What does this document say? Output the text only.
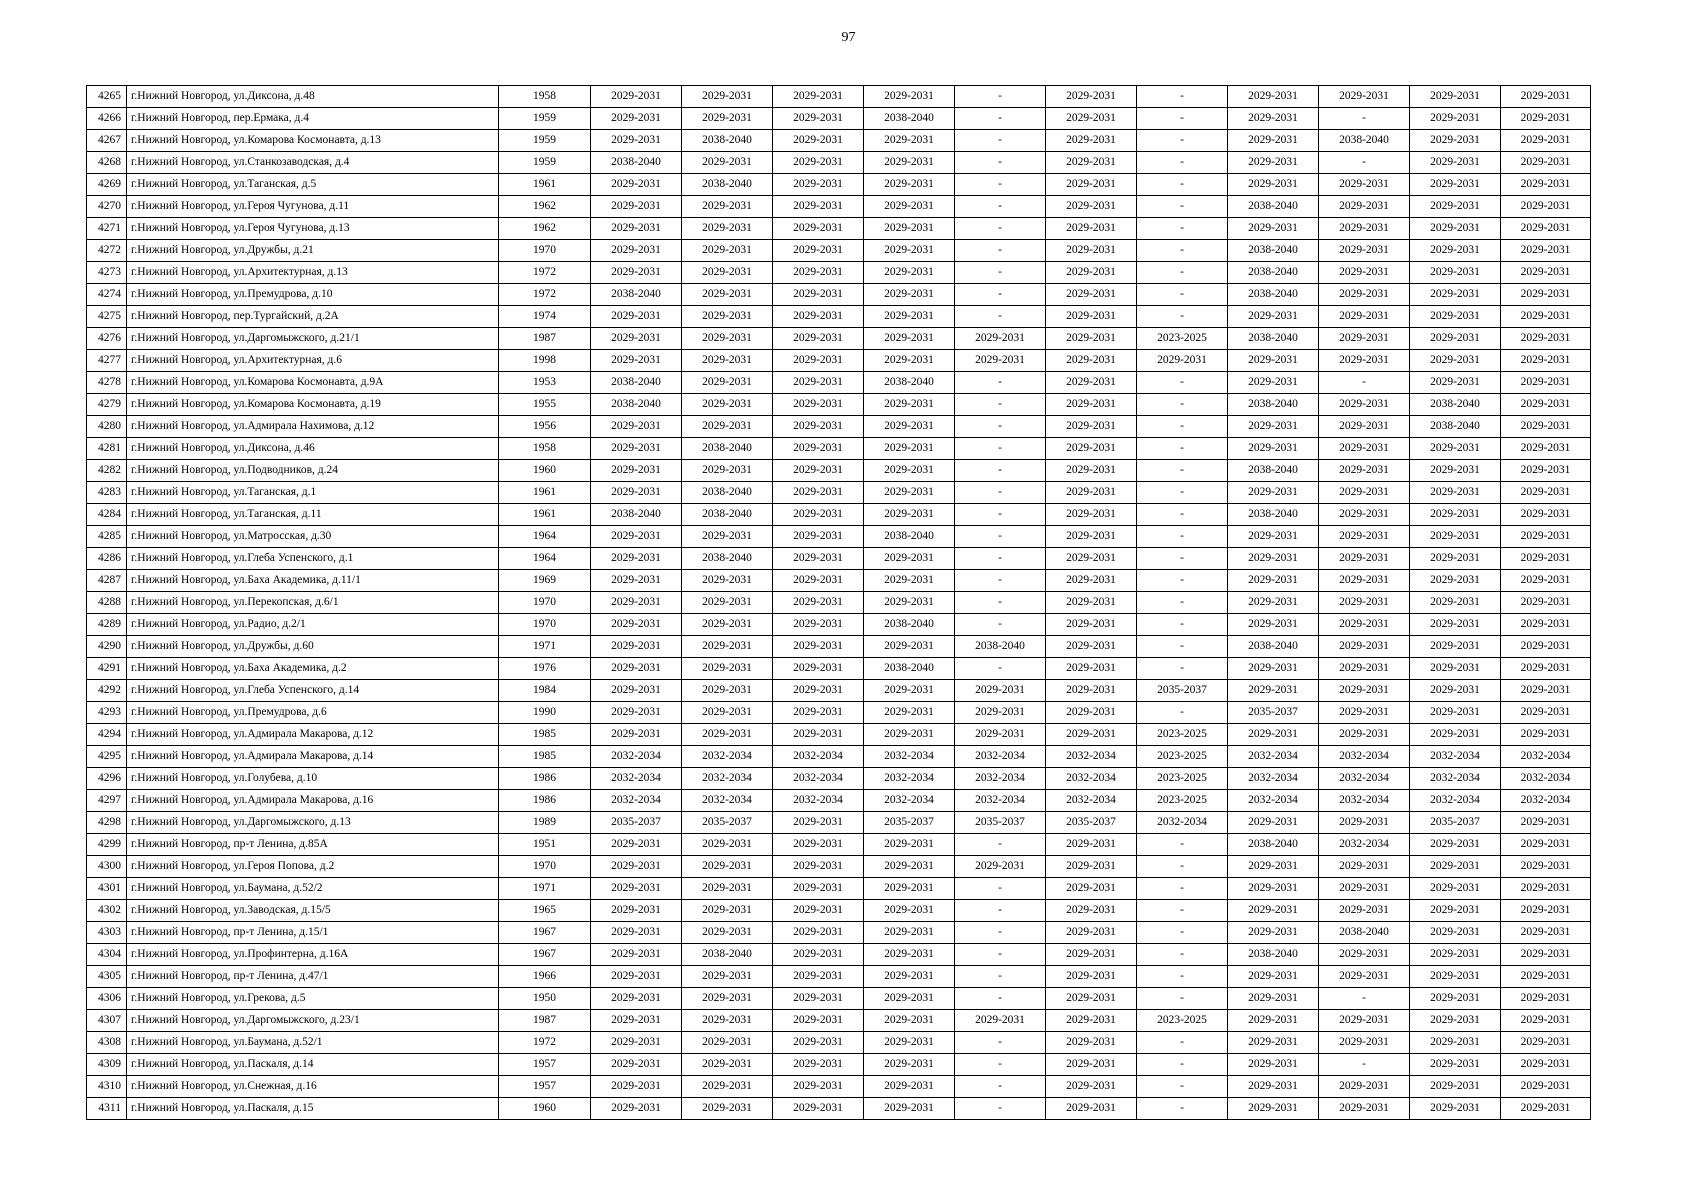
97
4265	г.Нижний Новгород, ул.Диксона, д.48	1958	2029-2031	2029-2031	2029-2031	2029-2031	-	2029-2031	-	2029-2031	2029-2031	2029-2031	2029-2031
4266	г.Нижний Новгород, пер.Ермака, д.4	1959	2029-2031	2029-2031	2029-2031	2038-2040	-	2029-2031	-	2029-2031	-	2029-2031	2029-2031
4267	г.Нижний Новгород, ул.Комарова Космонавта, д.13	1959	2029-2031	2038-2040	2029-2031	2029-2031	-	2029-2031	-	2029-2031	2038-2040	2029-2031	2029-2031
4268	г.Нижний Новгород, ул.Станкозаводская, д.4	1959	2038-2040	2029-2031	2029-2031	2029-2031	-	2029-2031	-	2029-2031	-	2029-2031	2029-2031
4269	г.Нижний Новгород, ул.Таганская, д.5	1961	2029-2031	2038-2040	2029-2031	2029-2031	-	2029-2031	-	2029-2031	2029-2031	2029-2031	2029-2031
4270	г.Нижний Новгород, ул.Героя Чугунова, д.11	1962	2029-2031	2029-2031	2029-2031	2029-2031	-	2029-2031	-	2038-2040	2029-2031	2029-2031	2029-2031
4271	г.Нижний Новгород, ул.Героя Чугунова, д.13	1962	2029-2031	2029-2031	2029-2031	2029-2031	-	2029-2031	-	2029-2031	2029-2031	2029-2031	2029-2031
4272	г.Нижний Новгород, ул.Дружбы, д.21	1970	2029-2031	2029-2031	2029-2031	2029-2031	-	2029-2031	-	2038-2040	2029-2031	2029-2031	2029-2031
4273	г.Нижний Новгород, ул.Архитектурная, д.13	1972	2029-2031	2029-2031	2029-2031	2029-2031	-	2029-2031	-	2038-2040	2029-2031	2029-2031	2029-2031
4274	г.Нижний Новгород, ул.Премудрова, д.10	1972	2038-2040	2029-2031	2029-2031	2029-2031	-	2029-2031	-	2038-2040	2029-2031	2029-2031	2029-2031
4275	г.Нижний Новгород, пер.Тургайский, д.2А	1974	2029-2031	2029-2031	2029-2031	2029-2031	-	2029-2031	-	2029-2031	2029-2031	2029-2031	2029-2031
4276	г.Нижний Новгород, ул.Даргомыжского, д.21/1	1987	2029-2031	2029-2031	2029-2031	2029-2031	2029-2031	2029-2031	2023-2025	2038-2040	2029-2031	2029-2031	2029-2031
4277	г.Нижний Новгород, ул.Архитектурная, д.6	1998	2029-2031	2029-2031	2029-2031	2029-2031	2029-2031	2029-2031	2029-2031	2029-2031	2029-2031	2029-2031	2029-2031
4278	г.Нижний Новгород, ул.Комарова Космонавта, д.9А	1953	2038-2040	2029-2031	2029-2031	2038-2040	-	2029-2031	-	2029-2031	-	2029-2031	2029-2031
4279	г.Нижний Новгород, ул.Комарова Космонавта, д.19	1955	2038-2040	2029-2031	2029-2031	2029-2031	-	2029-2031	-	2038-2040	2029-2031	2038-2040	2029-2031
4280	г.Нижний Новгород, ул.Адмирала Нахимова, д.12	1956	2029-2031	2029-2031	2029-2031	2029-2031	-	2029-2031	-	2029-2031	2029-2031	2038-2040	2029-2031
4281	г.Нижний Новгород, ул.Диксона, д.46	1958	2029-2031	2038-2040	2029-2031	2029-2031	-	2029-2031	-	2029-2031	2029-2031	2029-2031	2029-2031
4282	г.Нижний Новгород, ул.Подводников, д.24	1960	2029-2031	2029-2031	2029-2031	2029-2031	-	2029-2031	-	2038-2040	2029-2031	2029-2031	2029-2031
4283	г.Нижний Новгород, ул.Таганская, д.1	1961	2029-2031	2038-2040	2029-2031	2029-2031	-	2029-2031	-	2029-2031	2029-2031	2029-2031	2029-2031
4284	г.Нижний Новгород, ул.Таганская, д.11	1961	2038-2040	2038-2040	2029-2031	2029-2031	-	2029-2031	-	2038-2040	2029-2031	2029-2031	2029-2031
4285	г.Нижний Новгород, ул.Матросская, д.30	1964	2029-2031	2029-2031	2029-2031	2038-2040	-	2029-2031	-	2029-2031	2029-2031	2029-2031	2029-2031
4286	г.Нижний Новгород, ул.Глеба Успенского, д.1	1964	2029-2031	2038-2040	2029-2031	2029-2031	-	2029-2031	-	2029-2031	2029-2031	2029-2031	2029-2031
4287	г.Нижний Новгород, ул.Баха Академика, д.11/1	1969	2029-2031	2029-2031	2029-2031	2029-2031	-	2029-2031	-	2029-2031	2029-2031	2029-2031	2029-2031
4288	г.Нижний Новгород, ул.Перекопская, д.6/1	1970	2029-2031	2029-2031	2029-2031	2029-2031	-	2029-2031	-	2029-2031	2029-2031	2029-2031	2029-2031
4289	г.Нижний Новгород, ул.Радио, д.2/1	1970	2029-2031	2029-2031	2029-2031	2038-2040	-	2029-2031	-	2029-2031	2029-2031	2029-2031	2029-2031
4290	г.Нижний Новгород, ул.Дружбы, д.60	1971	2029-2031	2029-2031	2029-2031	2029-2031	2038-2040	2029-2031	-	2038-2040	2029-2031	2029-2031	2029-2031
4291	г.Нижний Новгород, ул.Баха Академика, д.2	1976	2029-2031	2029-2031	2029-2031	2038-2040	-	2029-2031	-	2029-2031	2029-2031	2029-2031	2029-2031
4292	г.Нижний Новгород, ул.Глеба Успенского, д.14	1984	2029-2031	2029-2031	2029-2031	2029-2031	2029-2031	2029-2031	2035-2037	2029-2031	2029-2031	2029-2031	2029-2031
4293	г.Нижний Новгород, ул.Премудрова, д.6	1990	2029-2031	2029-2031	2029-2031	2029-2031	2029-2031	2029-2031	-	2035-2037	2029-2031	2029-2031	2029-2031
4294	г.Нижний Новгород, ул.Адмирала Макарова, д.12	1985	2029-2031	2029-2031	2029-2031	2029-2031	2029-2031	2029-2031	2023-2025	2029-2031	2029-2031	2029-2031	2029-2031
4295	г.Нижний Новгород, ул.Адмирала Макарова, д.14	1985	2032-2034	2032-2034	2032-2034	2032-2034	2032-2034	2032-2034	2023-2025	2032-2034	2032-2034	2032-2034	2032-2034
4296	г.Нижний Новгород, ул.Голубева, д.10	1986	2032-2034	2032-2034	2032-2034	2032-2034	2032-2034	2032-2034	2023-2025	2032-2034	2032-2034	2032-2034	2032-2034
4297	г.Нижний Новгород, ул.Адмирала Макарова, д.16	1986	2032-2034	2032-2034	2032-2034	2032-2034	2032-2034	2032-2034	2023-2025	2032-2034	2032-2034	2032-2034	2032-2034
4298	г.Нижний Новгород, ул.Даргомыжского, д.13	1989	2035-2037	2035-2037	2029-2031	2035-2037	2035-2037	2035-2037	2032-2034	2029-2031	2029-2031	2035-2037	2029-2031
4299	г.Нижний Новгород, пр-т Ленина, д.85А	1951	2029-2031	2029-2031	2029-2031	2029-2031	-	2029-2031	-	2038-2040	2032-2034	2029-2031	2029-2031
4300	г.Нижний Новгород, ул.Героя Попова, д.2	1970	2029-2031	2029-2031	2029-2031	2029-2031	2029-2031	2029-2031	-	2029-2031	2029-2031	2029-2031	2029-2031
4301	г.Нижний Новгород, ул.Баумана, д.52/2	1971	2029-2031	2029-2031	2029-2031	2029-2031	-	2029-2031	-	2029-2031	2029-2031	2029-2031	2029-2031
4302	г.Нижний Новгород, ул.Заводская, д.15/5	1965	2029-2031	2029-2031	2029-2031	2029-2031	-	2029-2031	-	2029-2031	2029-2031	2029-2031	2029-2031
4303	г.Нижний Новгород, пр-т Ленина, д.15/1	1967	2029-2031	2029-2031	2029-2031	2029-2031	-	2029-2031	-	2029-2031	2038-2040	2029-2031	2029-2031
4304	г.Нижний Новгород, ул.Профинтерна, д.16А	1967	2029-2031	2038-2040	2029-2031	2029-2031	-	2029-2031	-	2038-2040	2029-2031	2029-2031	2029-2031
4305	г.Нижний Новгород, пр-т Ленина, д.47/1	1966	2029-2031	2029-2031	2029-2031	2029-2031	-	2029-2031	-	2029-2031	2029-2031	2029-2031	2029-2031
4306	г.Нижний Новгород, ул.Грекова, д.5	1950	2029-2031	2029-2031	2029-2031	2029-2031	-	2029-2031	-	2029-2031	-	2029-2031	2029-2031
4307	г.Нижний Новгород, ул.Даргомыжского, д.23/1	1987	2029-2031	2029-2031	2029-2031	2029-2031	2029-2031	2029-2031	2023-2025	2029-2031	2029-2031	2029-2031	2029-2031
4308	г.Нижний Новгород, ул.Баумана, д.52/1	1972	2029-2031	2029-2031	2029-2031	2029-2031	-	2029-2031	-	2029-2031	2029-2031	2029-2031	2029-2031
4309	г.Нижний Новгород, ул.Паскаля, д.14	1957	2029-2031	2029-2031	2029-2031	2029-2031	-	2029-2031	-	2029-2031	-	2029-2031	2029-2031
4310	г.Нижний Новгород, ул.Снежная, д.16	1957	2029-2031	2029-2031	2029-2031	2029-2031	-	2029-2031	-	2029-2031	2029-2031	2029-2031	2029-2031
4311	г.Нижний Новгород, ул.Паскаля, д.15	1960	2029-2031	2029-2031	2029-2031	2029-2031	-	2029-2031	-	2029-2031	2029-2031	2029-2031	2029-2031
